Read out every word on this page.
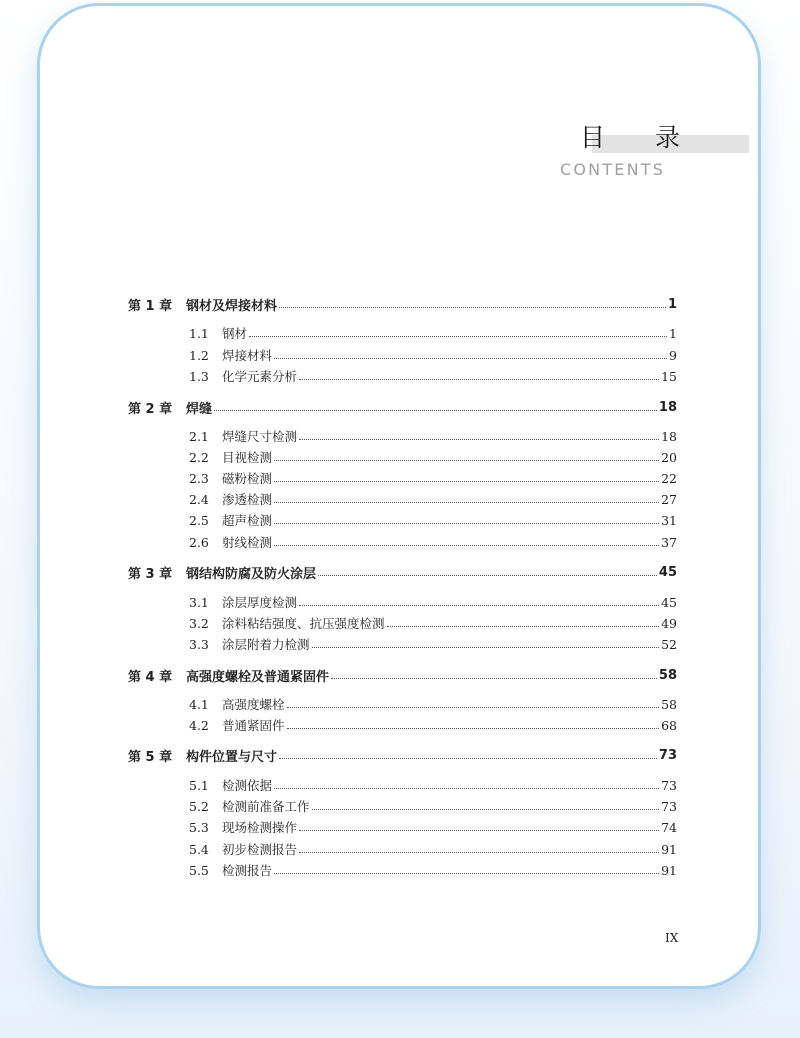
目 录
CONTENTS
第 1 章	钢材及焊接材料	1
1.1	钢材	1
1.2	焊接材料	9
1.3	化学元素分析	15
第 2 章	焊缝	18
2.1	焊缝尺寸检测	18
2.2	目视检测	20
2.3	磁粉检测	22
2.4	渗透检测	27
2.5	超声检测	31
2.6	射线检测	37
第 3 章	钢结构防腐及防火涂层	45
3.1	涂层厚度检测	45
3.2	涂料粘结强度、抗压强度检测	49
3.3	涂层附着力检测	52
第 4 章	高强度螺栓及普通紧固件	58
4.1	高强度螺栓	58
4.2	普通紧固件	68
第 5 章	构件位置与尺寸	73
5.1	检测依据	73
5.2	检测前准备工作	73
5.3	现场检测操作	74
5.4	初步检测报告	91
5.5	检测报告	91
IX
